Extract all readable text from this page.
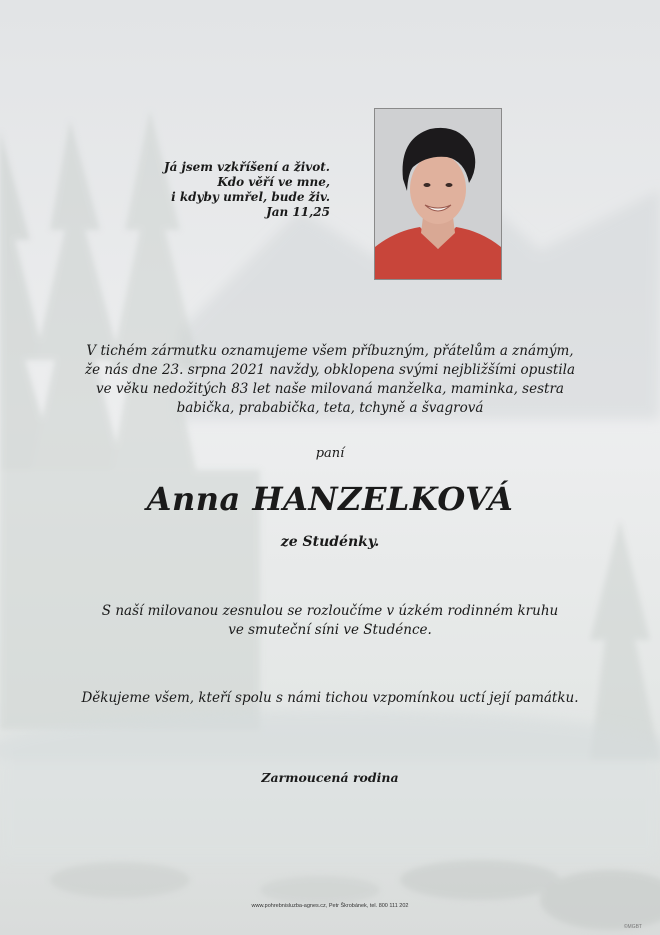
Já jsem vzkříšení a život.
Kdo věří ve mne,
i kdyby umřel, bude živ.
Jan 11,25
V tichém zármutku oznamujeme všem příbuzným, přátelům a známým,
že nás dne 23. srpna 2021 navždy, obklopena svými nejbližšími opustila
ve věku nedožitých 83 let naše milovaná manželka, maminka, sestra
babička, prababička, teta, tchyně a švagrová
paní
Anna HANZELKOVÁ
ze Studénky.
S naší milovanou zesnulou se rozloučíme v úzkém rodinném kruhu
ve smuteční síni ve Studénce.
Děkujeme všem, kteří spolu s námi tichou vzpomínkou uctí její památku.
Zarmoucená rodina
www.pohrebnisluzba-agnes.cz, Petr Škrobánek, tel. 800 111 202
©MGBT
